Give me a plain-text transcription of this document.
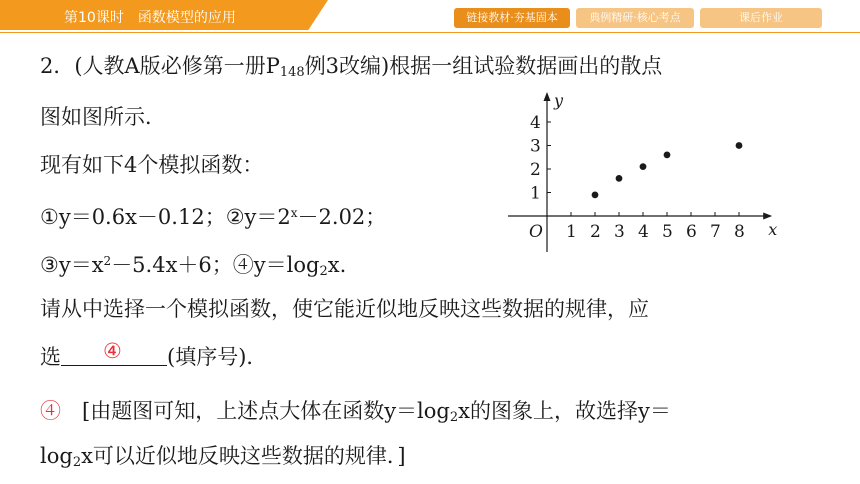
第10课时　函数模型的应用	链接教材·夯基固本	典例精研·核心考点	课后作业
2．(人教A版必修第一册$P_{148}$例3改编)根据一组试验数据画出的散点
图如图所示．
现有如下4个模拟函数：
①y＝0.6x－0.12；$②y=2^x-2.02$；
$③y=x^2-5.4x+6$；$④y=\log_2x$.
请从中选择一个模拟函数，使它能近似地反映这些数据的规律，应
选 ④ (填序号)．
④　[由题图可知，上述点大体在函数$y=\log_2x$的图象上，故选择y＝
$\log_2x$可以近似地反映这些数据的规律．]
x
y
O 1 2 3 4 5 6 7 8
1
2
3
4
